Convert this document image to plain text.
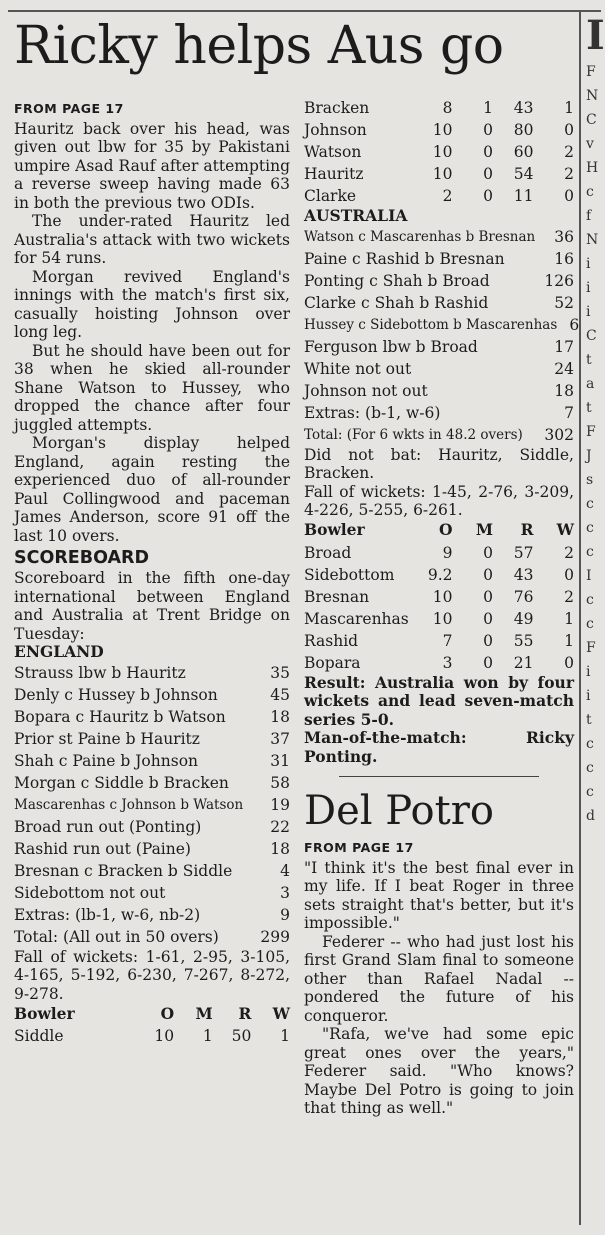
Ricky helps Aus go	I
F
N
C
v
H
c
f
N
i
i
i
C
t
a
t
F
J
s
c
c
c
I
c
c
F
i
i
t
c
c
c
d
FROM PAGE 17

Hauritz back over his head, was given out lbw for 35 by Pakistani umpire Asad Rauf after attempting a reverse sweep having made 63 in both the previous two ODIs.

The under-rated Hauritz led Australia's attack with two wickets for 54 runs.

Morgan revived England's innings with the match's first six, casually hoisting Johnson over long leg.

But he should have been out for 38 when he skied all-rounder Shane Watson to Hussey, who dropped the chance after four juggled attempts.

Morgan's display helped England, again resting the experienced duo of all-rounder Paul Collingwood and paceman James Anderson, score 91 off the last 10 overs.

SCOREBOARD

Scoreboard in the fifth one-day international between England and Australia at Trent Bridge on Tuesday:

ENGLAND
Strauss lbw b Hauritz	35
Denly c Hussey b Johnson	45
Bopara c Hauritz b Watson	18
Prior st Paine b Hauritz	37
Shah c Paine b Johnson	31
Morgan c Siddle b Bracken	58
Mascarenhas c Johnson b Watson 19
Broad run out (Ponting)	22
Rashid run out (Paine)	18
Bresnan c Bracken b Siddle	4
Sidebottom not out	3
Extras: (lb-1, w-6, nb-2)	9
Total: (All out in 50 overs)	299

Fall of wickets: 1-61, 2-95, 3-105, 4-165, 5-192, 6-230, 7-267, 8-272, 9-278.

Bowler	O	M	R	W
Siddle	10	1	50	1
Bracken	8	1	43	1
Johnson	10	0	80	0
Watson	10	0	60	2
Hauritz	10	0	54	2
Clarke	2	0	11	0
AUSTRALIA
Watson c Mascarenhas b Bresnan 36
Paine c Rashid b Bresnan	16
Ponting c Shah b Broad	126
Clarke c Shah b Rashid	52
Hussey c Sidebottom b Mascarenhas 6
Ferguson lbw b Broad	17
White not out	24
Johnson not out	18
Extras: (b-1, w-6)	7
Total: (For 6 wkts in 48.2 overs) 302

Did not bat: Hauritz, Siddle, Bracken.

Fall of wickets: 1-45, 2-76, 3-209, 4-226, 5-255, 6-261.

Bowler	O	M	R	W
Broad	9	0	57	2
Sidebottom	9.2	0	43	0
Bresnan	10	0	76	2
Mascarenhas	10	0	49	1
Rashid	7	0	55	1
Bopara	3	0	21	0

Result: Australia won by four wickets and lead seven-match series 5-0.

Man-of-the-match: Ricky Ponting.

Del Potro
FROM PAGE 17

"I think it's the best final ever in my life. If I beat Roger in three sets straight that's better, but it's impossible."

Federer -- who had just lost his first Grand Slam final to someone other than Rafael Nadal -- pondered the future of his conqueror.

"Rafa, we've had some epic great ones over the years," Federer said. "Who knows? Maybe Del Potro is going to join that thing as well."
